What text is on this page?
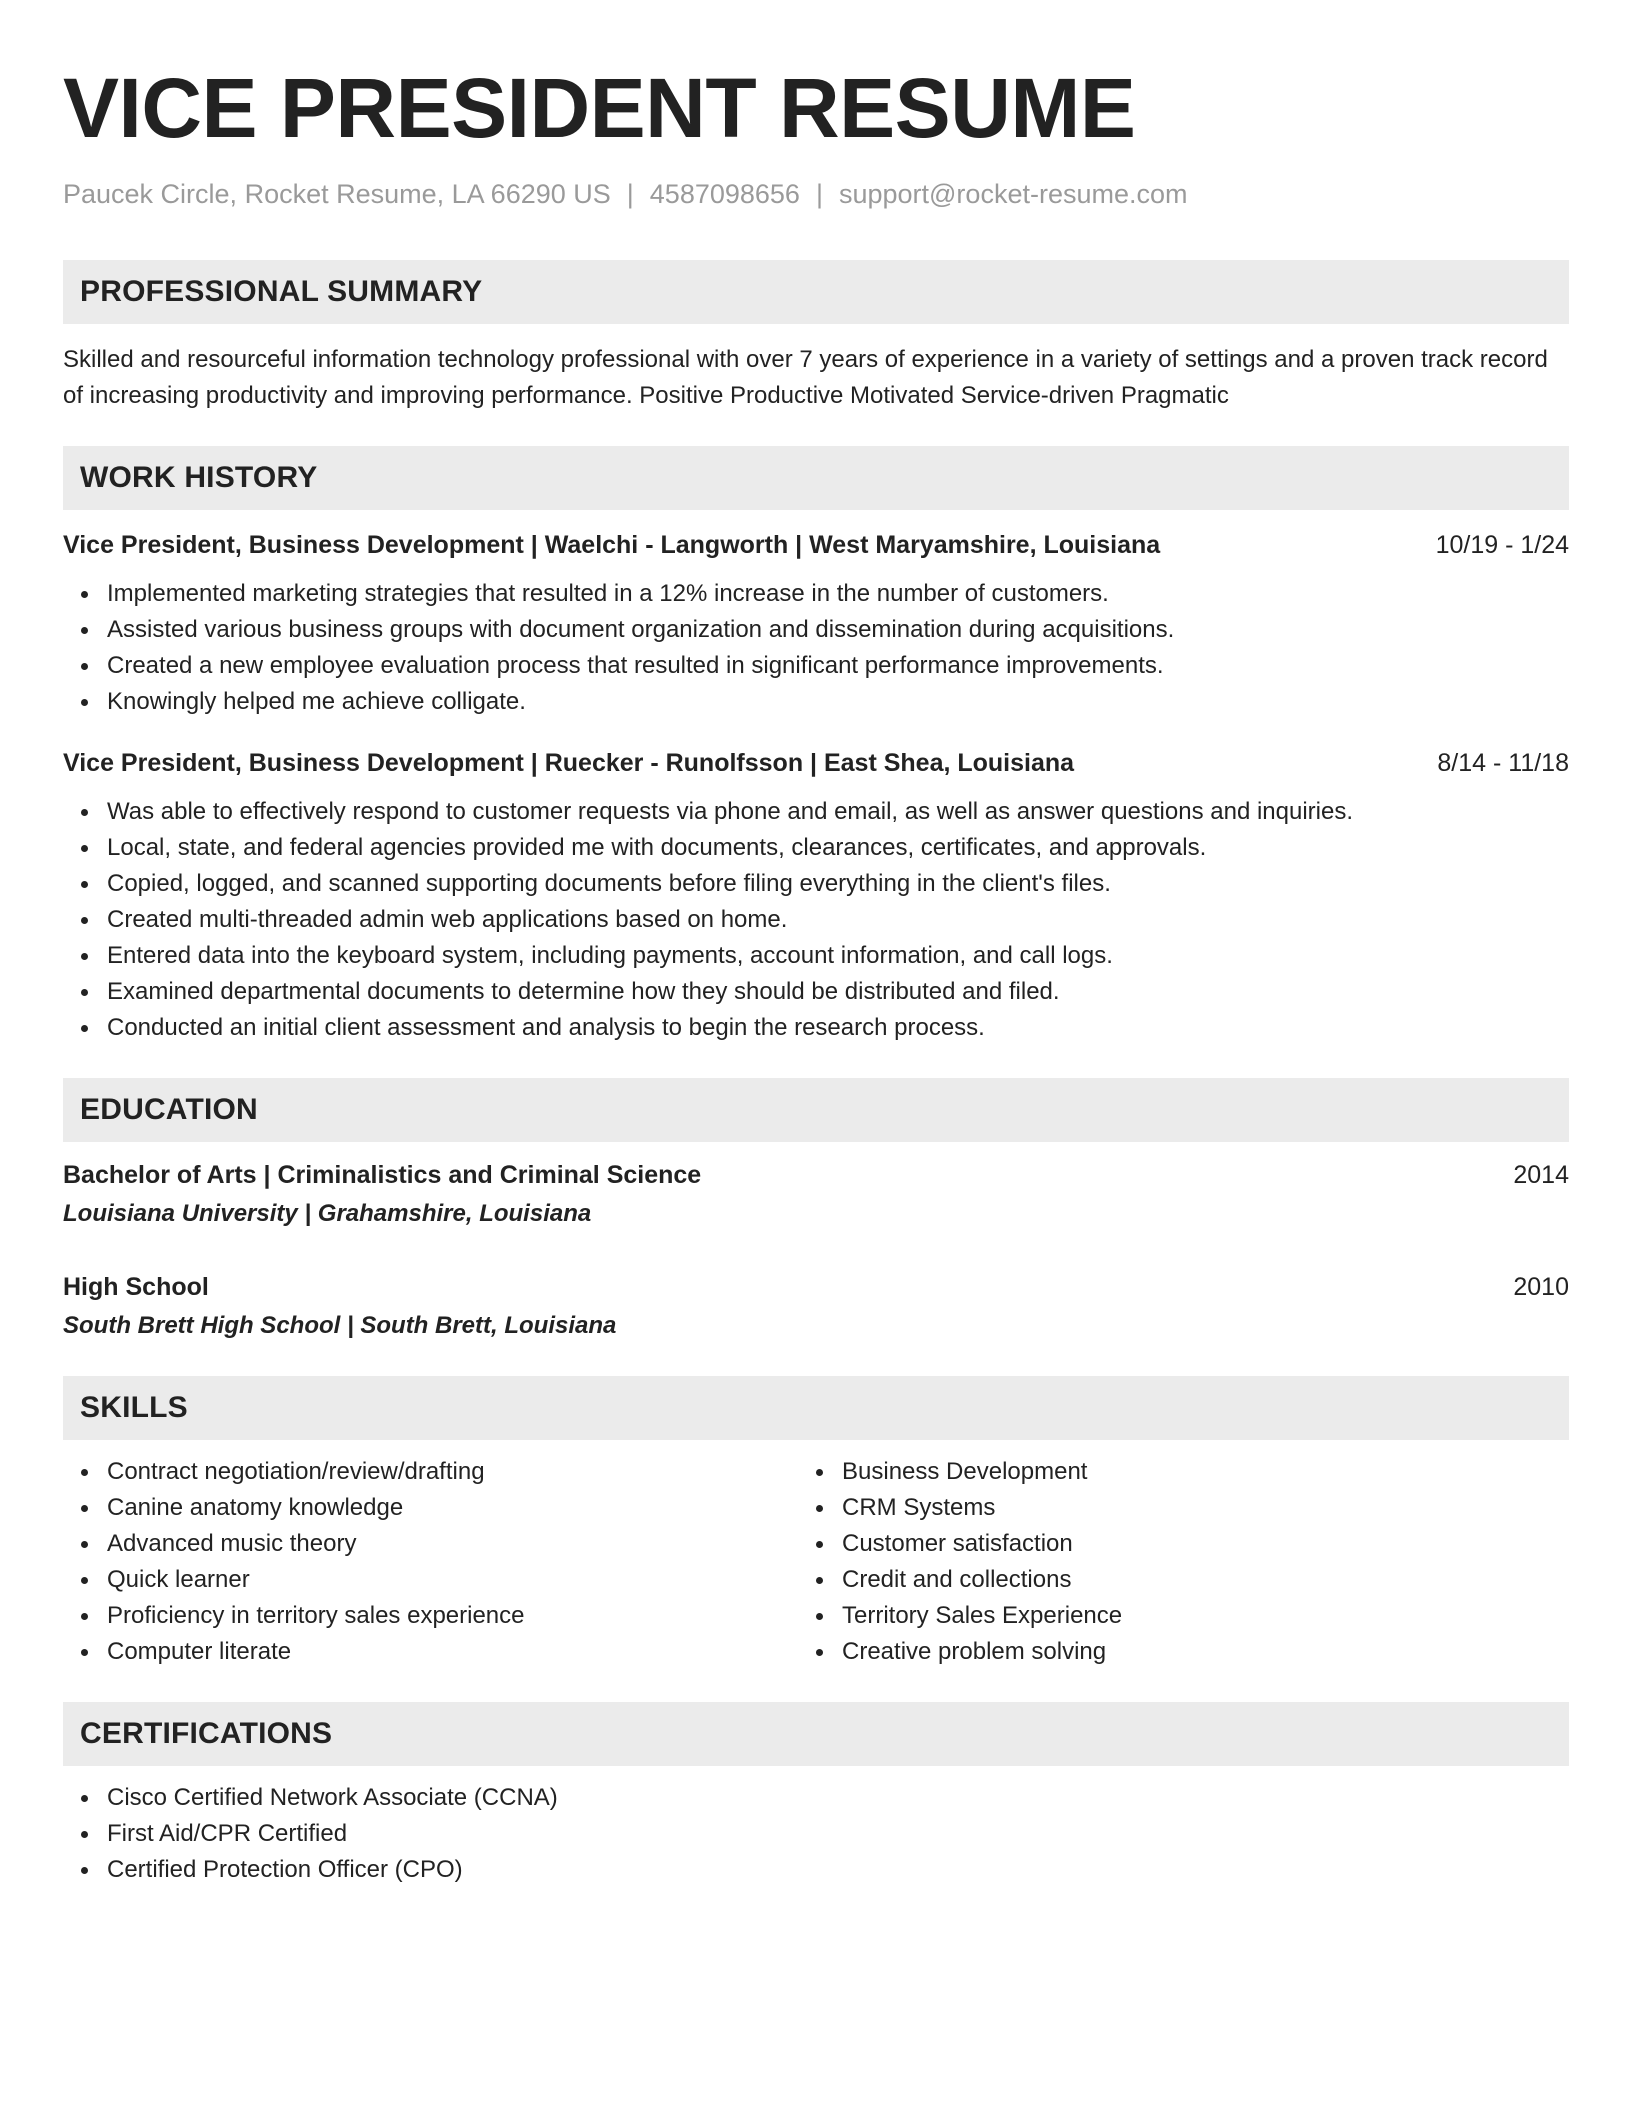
VICE PRESIDENT RESUME
Paucek Circle, Rocket Resume, LA 66290 US | 4587098656 | support@rocket-resume.com
PROFESSIONAL SUMMARY
Skilled and resourceful information technology professional with over 7 years of experience in a variety of settings and a proven track record of increasing productivity and improving performance. Positive Productive Motivated Service-driven Pragmatic
WORK HISTORY
Vice President, Business Development | Waelchi - Langworth | West Maryamshire, Louisiana	10/19 - 1/24
Implemented marketing strategies that resulted in a 12% increase in the number of customers.
Assisted various business groups with document organization and dissemination during acquisitions.
Created a new employee evaluation process that resulted in significant performance improvements.
Knowingly helped me achieve colligate.
Vice President, Business Development | Ruecker - Runolfsson | East Shea, Louisiana	8/14 - 11/18
Was able to effectively respond to customer requests via phone and email, as well as answer questions and inquiries.
Local, state, and federal agencies provided me with documents, clearances, certificates, and approvals.
Copied, logged, and scanned supporting documents before filing everything in the client's files.
Created multi-threaded admin web applications based on home.
Entered data into the keyboard system, including payments, account information, and call logs.
Examined departmental documents to determine how they should be distributed and filed.
Conducted an initial client assessment and analysis to begin the research process.
EDUCATION
Bachelor of Arts | Criminalistics and Criminal Science	2014
Louisiana University | Grahamshire, Louisiana
High School	2010
South Brett High School | South Brett, Louisiana
SKILLS
Contract negotiation/review/drafting
Canine anatomy knowledge
Advanced music theory
Quick learner
Proficiency in territory sales experience
Computer literate
Business Development
CRM Systems
Customer satisfaction
Credit and collections
Territory Sales Experience
Creative problem solving
CERTIFICATIONS
Cisco Certified Network Associate (CCNA)
First Aid/CPR Certified
Certified Protection Officer (CPO)
